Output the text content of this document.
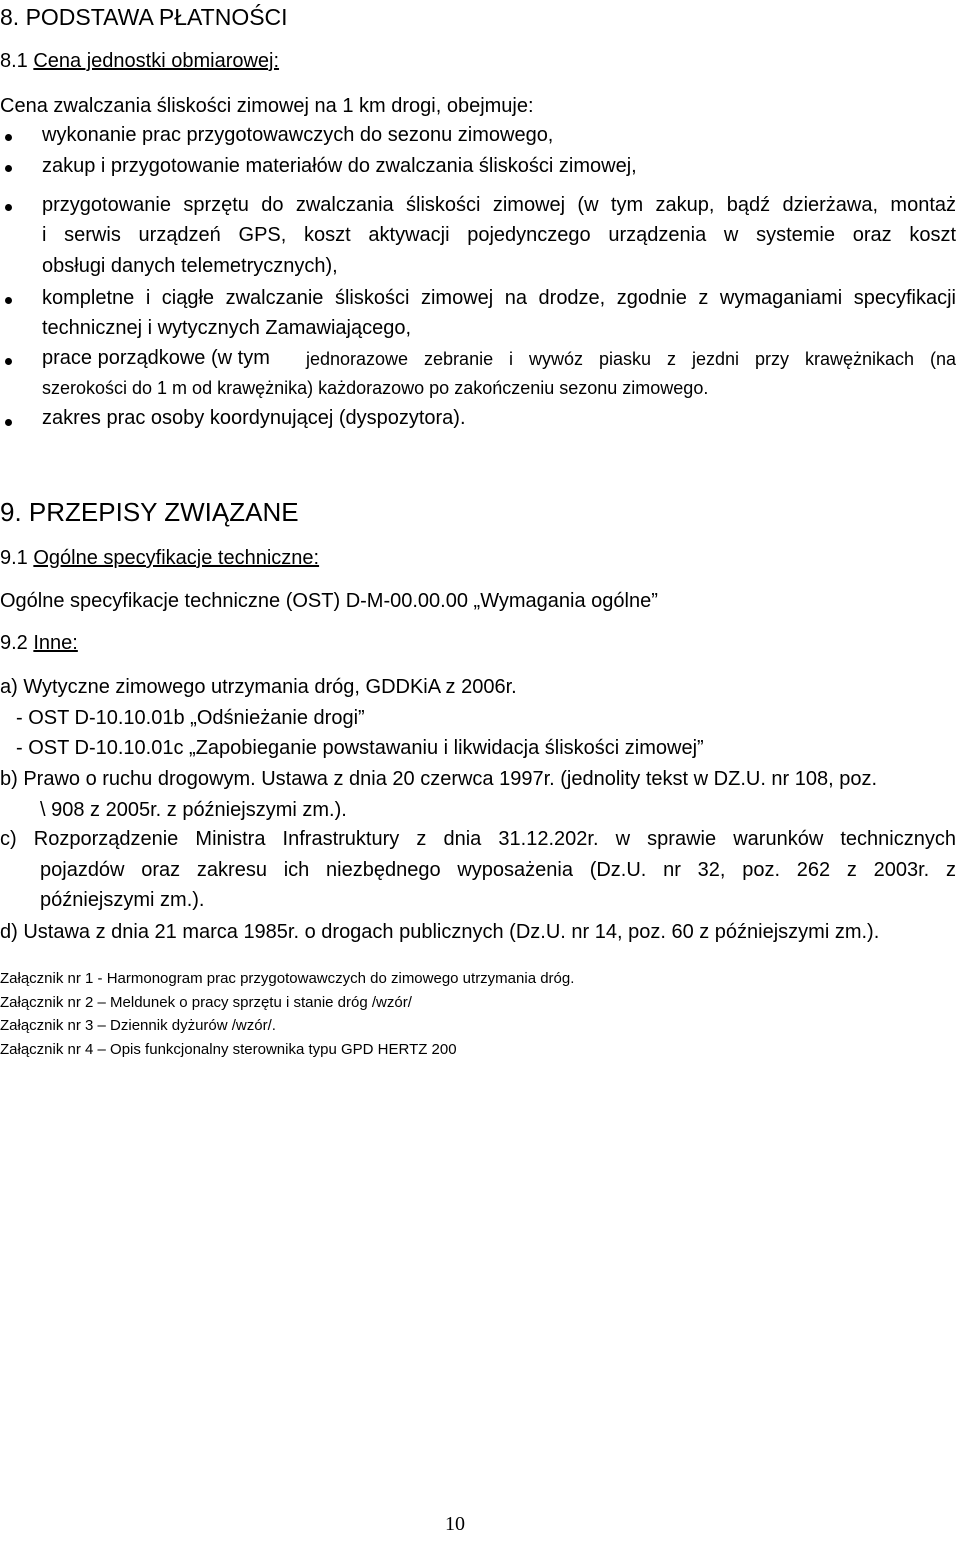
8. PODSTAWA PŁATNOŚCI
8.1 Cena jednostki obmiarowej:
Cena zwalczania śliskości zimowej na 1 km drogi, obejmuje:
wykonanie prac przygotowawczych do sezonu zimowego,
zakup i przygotowanie materiałów do zwalczania śliskości zimowej,
przygotowanie sprzętu do zwalczania śliskości zimowej (w tym zakup, bądź dzierżawa, montaż
i serwis urządzeń GPS, koszt aktywacji pojedynczego urządzenia w systemie oraz koszt
obsługi danych telemetrycznych),
kompletne i ciągłe zwalczanie śliskości zimowej na drodze, zgodnie z wymaganiami specyfikacji
technicznej i wytycznych Zamawiającego,
prace porządkowe (w tym jednorazowe zebranie i wywóz piasku z jezdni przy krawężnikach (na
szerokości do 1 m od krawężnika) każdorazowo po zakończeniu sezonu zimowego.
zakres prac osoby koordynującej (dyspozytora).
9. PRZEPISY ZWIĄZANE
9.1 Ogólne specyfikacje techniczne:
Ogólne specyfikacje techniczne (OST) D-M-00.00.00 „Wymagania ogólne”
9.2 Inne:
a) Wytyczne zimowego utrzymania dróg, GDDKiA z 2006r.
- OST D-10.10.01b „Odśnieżanie drogi”
- OST D-10.10.01c „Zapobieganie powstawaniu i likwidacja śliskości zimowej”
b) Prawo o ruchu drogowym. Ustawa z dnia 20 czerwca 1997r. (jednolity tekst w DZ.U. nr 108, poz.
\ 908 z 2005r. z późniejszymi zm.).
c) Rozporządzenie Ministra Infrastruktury z dnia 31.12.202r. w sprawie warunków technicznych
pojazdów oraz zakresu ich niezbędnego wyposażenia (Dz.U. nr 32, poz. 262 z 2003r. z
późniejszymi zm.).
d) Ustawa z dnia 21 marca 1985r. o drogach publicznych (Dz.U. nr 14, poz. 60 z późniejszymi zm.).
Załącznik nr 1 - Harmonogram prac przygotowawczych do zimowego utrzymania dróg.
Załącznik nr 2 – Meldunek o pracy sprzętu i stanie dróg /wzór/
Załącznik nr 3 – Dziennik dyżurów /wzór/.
Załącznik nr 4 – Opis funkcjonalny sterownika typu GPD HERTZ 200
10
